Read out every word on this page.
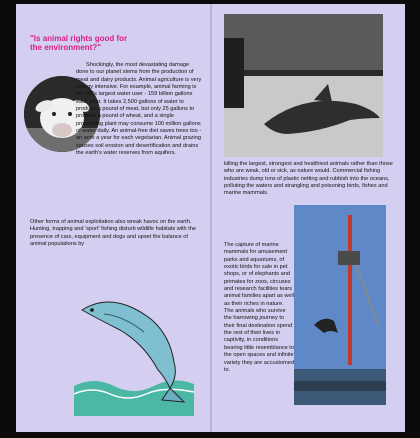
"Is animal rights good for the environment?"

Shockingly, the most devastating damage done to our planet stems from the production of meat and dairy products. Animal agriculture is very energy intensive. For example, animal farming is the UK's largest water user - 159 billion gallons each year. It takes 2,500 gallons of water to produce a pound of meat, but only 25 gallons to produce a pound of wheat, and a single processing plant may consume 100 million gallons of water daily. An animal-free diet saves trees too - an acre a year for each vegetarian. Animal grazing causes soil erosion and desertification and drains the earth's water reserves from aquifers.

Other forms of animal exploitation also wreak havoc on the earth. Hunting, trapping and 'sport' fishing disturb wildlife habitats with the presence of cars, equipment and dogs and upset the balance of animal populations by

killing the largest, strongest and healthiest animals rather than those who are weak, old or sick, as nature would. Commercial fishing industries dump tons of plastic netting and rubbish into the oceans, polluting the waters and strangling and poisoning birds, fishes and marine mammals.

The capture of marine mammals for amusement parks and aquariums, of exotic birds for sale in pet shops, or of elephants and primates for zoos, circuses and research facilities tears animal families apart as well as their riches in nature. The animals who survive the harrowing journey to their final destination spend the rest of their lives in captivity, in conditions bearing little resemblance to the open spaces and infinite variety they are accustomed to.
